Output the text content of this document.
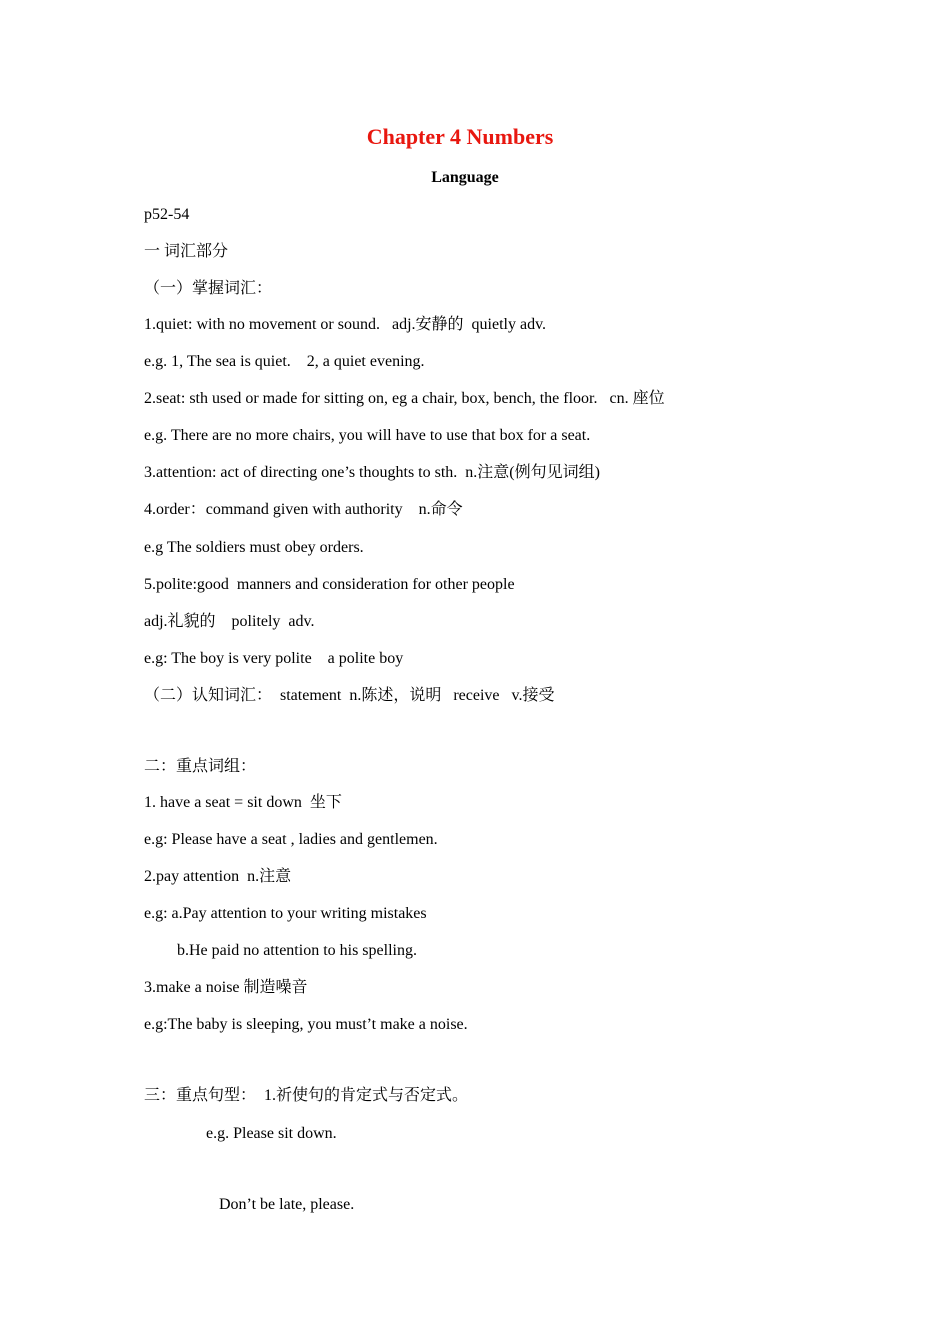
Chapter 4 Numbers
Language
p52-54
一 词汇部分
（一）掌握词汇：
1.quiet: with no movement or sound.   adj.安静的  quietly adv.
e.g. 1, The sea is quiet.    2, a quiet evening.
2.seat: sth used or made for sitting on, eg a chair, box, bench, the floor.   cn. 座位
e.g. There are no more chairs, you will have to use that box for a seat.
3.attention: act of directing one’s thoughts to sth.  n.注意(例句见词组)
4.order：command given with authority    n.命令
e.g The soldiers must obey orders.
5.polite:good  manners and consideration for other people
adj.礼貌的    politely  adv.
e.g: The boy is very polite    a polite boy
（二）认知词汇：  statement  n.陈述，说明   receive   v.接受
二：重点词组：
1. have a seat = sit down  坐下
e.g: Please have a seat , ladies and gentlemen.
2.pay attention  n.注意
e.g: a.Pay attention to your writing mistakes
b.He paid no attention to his spelling.
3.make a noise 制造噪音
e.g:The baby is sleeping, you must’t make a noise.
三：重点句型：  1.祈使句的肯定式与否定式。
e.g. Please sit down.
Don’t be late, please.
